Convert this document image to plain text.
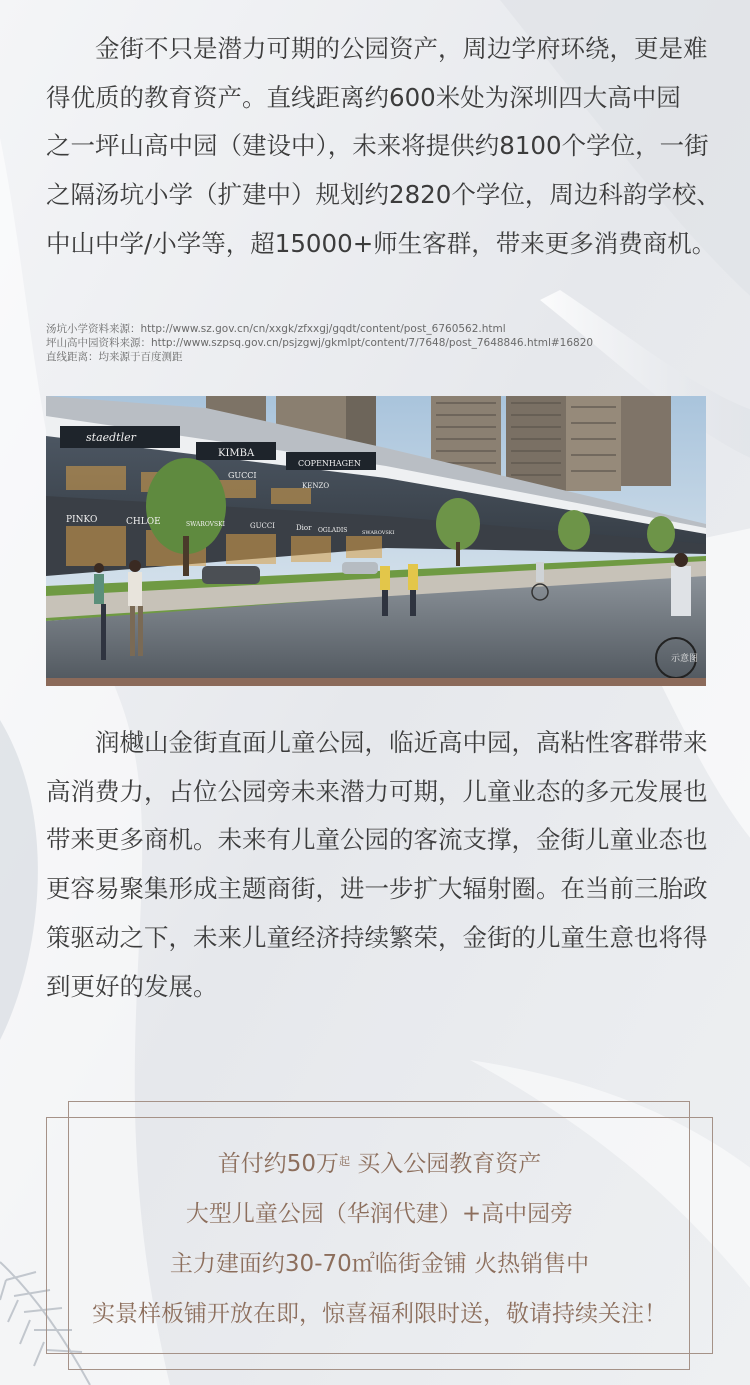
　　金街不只是潜力可期的公园资产，周边学府环绕，更是难
得优质的教育资产。直线距离约600米处为深圳四大高中园
之一坪山高中园（建设中），未来将提供约8100个学位，一街
之隔汤坑小学（扩建中）规划约2820个学位，周边科韵学校、
中山中学/小学等，超15000+师生客群，带来更多消费商机。
汤坑小学资料来源：http://www.sz.gov.cn/cn/xxgk/zfxxgj/gqdt/content/post_6760562.html
坪山高中园资料来源：http://www.szpsq.gov.cn/psjzgwj/gkmlpt/content/7/7648/post_7648846.html#16820
直线距离：均来源于百度测距
staedtler
KIMBA
COPENHAGEN
GUCCI
KENZO
PINKO	CHLOE	SWAROVSKI	GUCCI	Dior OGLADIS	SWAROVSKI
示意图
　　润樾山金街直面儿童公园，临近高中园，高粘性客群带来
高消费力，占位公园旁未来潜力可期，儿童业态的多元发展也
带来更多商机。未来有儿童公园的客流支撑，金街儿童业态也
更容易聚集形成主题商街，进一步扩大辐射圈。在当前三胎政
策驱动之下，未来儿童经济持续繁荣，金街的儿童生意也将得
到更好的发展。
首付约50万$^起$ 买入公园教育资产
大型儿童公园（华润代建）+高中园旁
主力建面约30-70㎡临街金铺 火热销售中
实景样板铺开放在即，惊喜福利限时送，敬请持续关注！
